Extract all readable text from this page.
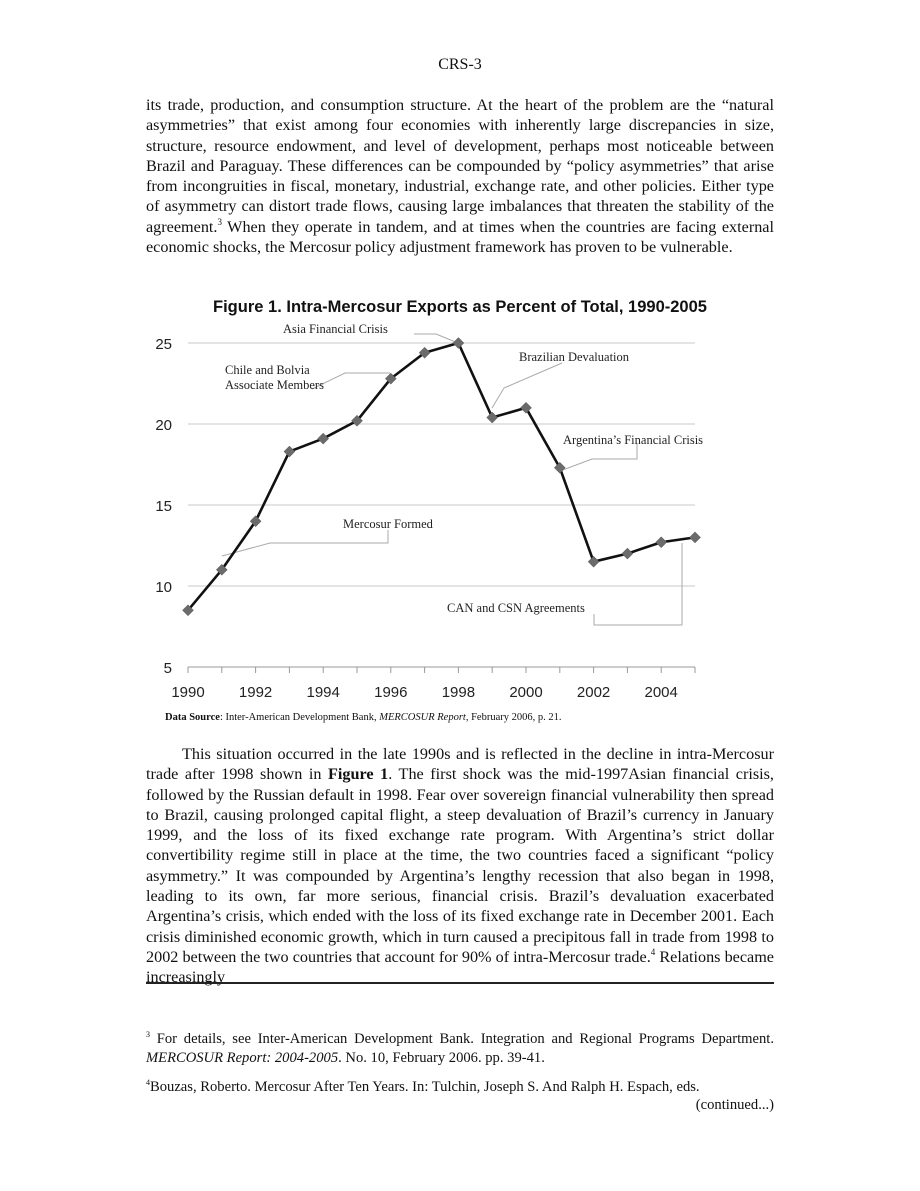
CRS-3

its trade, production, and consumption structure. At the heart of the problem are the “natural asymmetries” that exist among four economies with inherently large discrepancies in size, structure, resource endowment, and level of development, perhaps most noticeable between Brazil and Paraguay. These differences can be compounded by “policy asymmetries” that arise from incongruities in fiscal, monetary, industrial, exchange rate, and other policies. Either type of asymmetry can distort trade flows, causing large imbalances that threaten the stability of the agreement.$^3$ When they operate in tandem, and at times when the countries are facing external economic shocks, the Mercosur policy adjustment framework has proven to be vulnerable.

Figure 1. Intra-Mercosur Exports as Percent of Total, 1990-2005
5
10
15
20
25
1990 1992 1994 1996 1998 2000 2002 2004
Mercosur Formed
Chile and Bolvia
Associate Members
Asia Financial Crisis
Brazilian Devaluation
Argentina’s Financial Crisis
CAN and CSN Agreements
Data Source: Inter-American Development Bank, MERCOSUR Report, February 2006, p. 21.

This situation occurred in the late 1990s and is reflected in the decline in intra-Mercosur trade after 1998 shown in Figure 1. The first shock was the mid-1997Asian financial crisis, followed by the Russian default in 1998. Fear over sovereign financial vulnerability then spread to Brazil, causing prolonged capital flight, a steep devaluation of Brazil’s currency in January 1999, and the loss of its fixed exchange rate program. With Argentina’s strict dollar convertibility regime still in place at the time, the two countries faced a significant “policy asymmetry.” It was compounded by Argentina’s lengthy recession that also began in 1998, leading to its own, far more serious, financial crisis. Brazil’s devaluation exacerbated Argentina’s crisis, which ended with the loss of its fixed exchange rate in December 2001. Each crisis diminished economic growth, which in turn caused a precipitous fall in trade from 1998 to 2002 between the two countries that account for 90% of intra-Mercosur trade.$^4$ Relations became increasingly

$^3$ For details, see Inter-American Development Bank. Integration and Regional Programs Department. MERCOSUR Report: 2004-2005. No. 10, February 2006. pp. 39-41.

$^4$Bouzas, Roberto. Mercosur After Ten Years. In: Tulchin, Joseph S. And Ralph H. Espach, eds.

(continued...)
